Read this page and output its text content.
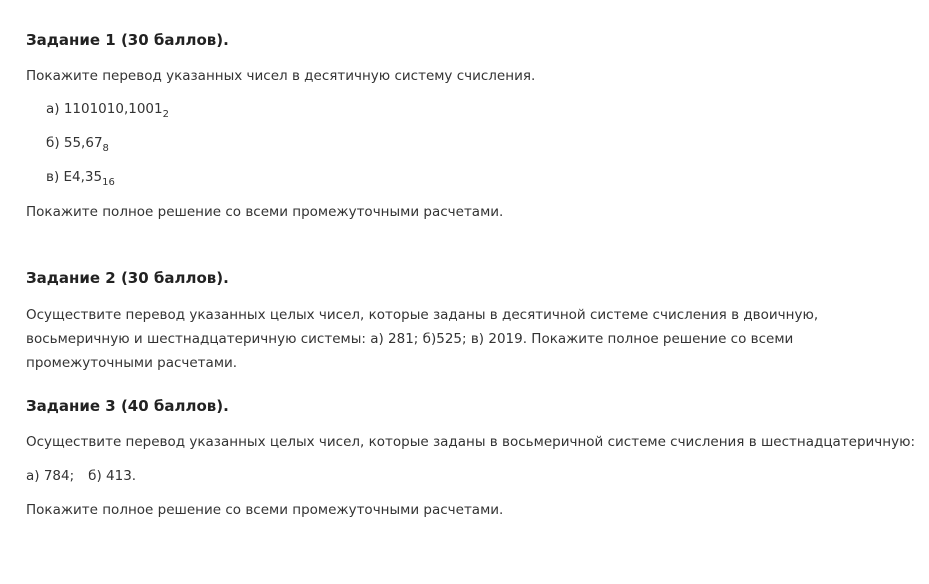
Задание 1 (30 баллов).
Покажите перевод указанных чисел в десятичную систему счисления.
а) $1101010,1001_2$
б) $55,67_8$
в) $E4,35_{16}$
Покажите полное решение со всеми промежуточными расчетами.
Задание 2 (30 баллов).
Осуществите перевод указанных целых чисел, которые заданы в десятичной системе счисления в двоичную, восьмеричную и шестнадцатеричную системы: а) 281; б)525; в) 2019. Покажите полное решение со всеми промежуточными расчетами.
Задание 3 (40 баллов).
Осуществите перевод указанных целых чисел, которые заданы в восьмеричной системе счисления в шестнадцатеричную:
а) 784; б) 413.
Покажите полное решение со всеми промежуточными расчетами.
